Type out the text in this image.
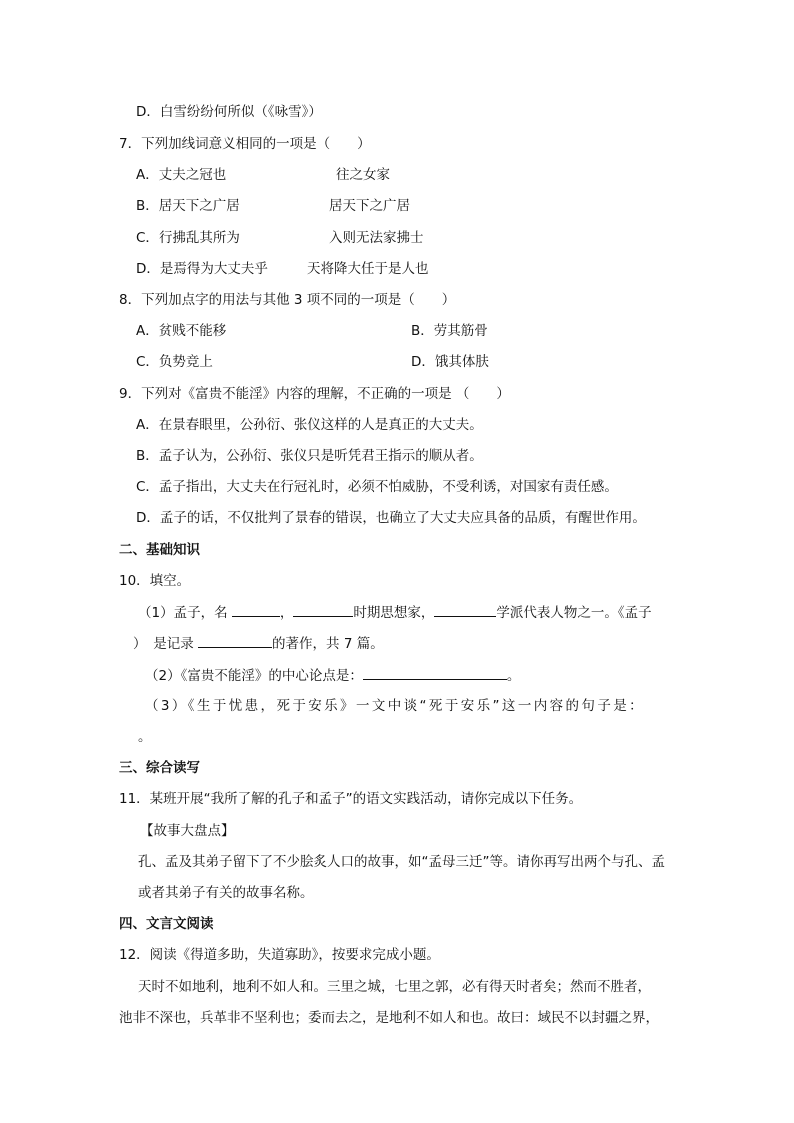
D．白雪纷纷何所似（《咏雪》）
7．下列加线词意义相同的一项是（　　）
A．丈夫之冠也	往之女家
B．居天下之广居	居天下之广居
C．行拂乱其所为	入则无法家拂士
D．是焉得为大丈夫乎	天将降大任于是人也
8．下列加点字的用法与其他 3 项不同的一项是（　　）
A．贫贱不能移	B．劳其筋骨
C．负势竞上	D．饿其体肤
9．下列对《富贵不能淫》内容的理解，不正确的一项是 （　　）
A．在景春眼里，公孙衍、张仪这样的人是真正的大丈夫。
B．孟子认为，公孙衍、张仪只是听凭君王指示的顺从者。
C．孟子指出，大丈夫在行冠礼时，必须不怕威胁，不受利诱，对国家有责任感。
D．孟子的话，不仅批判了景春的错误，也确立了大丈夫应具备的品质，有醒世作用。
二、基础知识
10．填空。
（1）孟子，名	，	时期思想家，	学派代表人物之一。《孟子
）　是记录	的著作，共 7 篇。
（2）《富贵不能淫》的中心论点是：	。
（3）《生于忧患，死于安乐》一文中谈“死于安乐”这一内容的句子是：
。
三、综合读写
11．某班开展“我所了解的孔子和孟子”的语文实践活动，请你完成以下任务。
【故事大盘点】
孔、孟及其弟子留下了不少脍炙人口的故事，如“孟母三迁”等。请你再写出两个与孔、孟或者其弟子有关的故事名称。
四、文言文阅读
12．阅读《得道多助，失道寡助》，按要求完成小题。
天时不如地利，地利不如人和。三里之城，七里之郭，必有得天时者矣；然而不胜者，
池非不深也，兵革非不坚利也；委而去之，是地利不如人和也。故曰：域民不以封疆之界，
